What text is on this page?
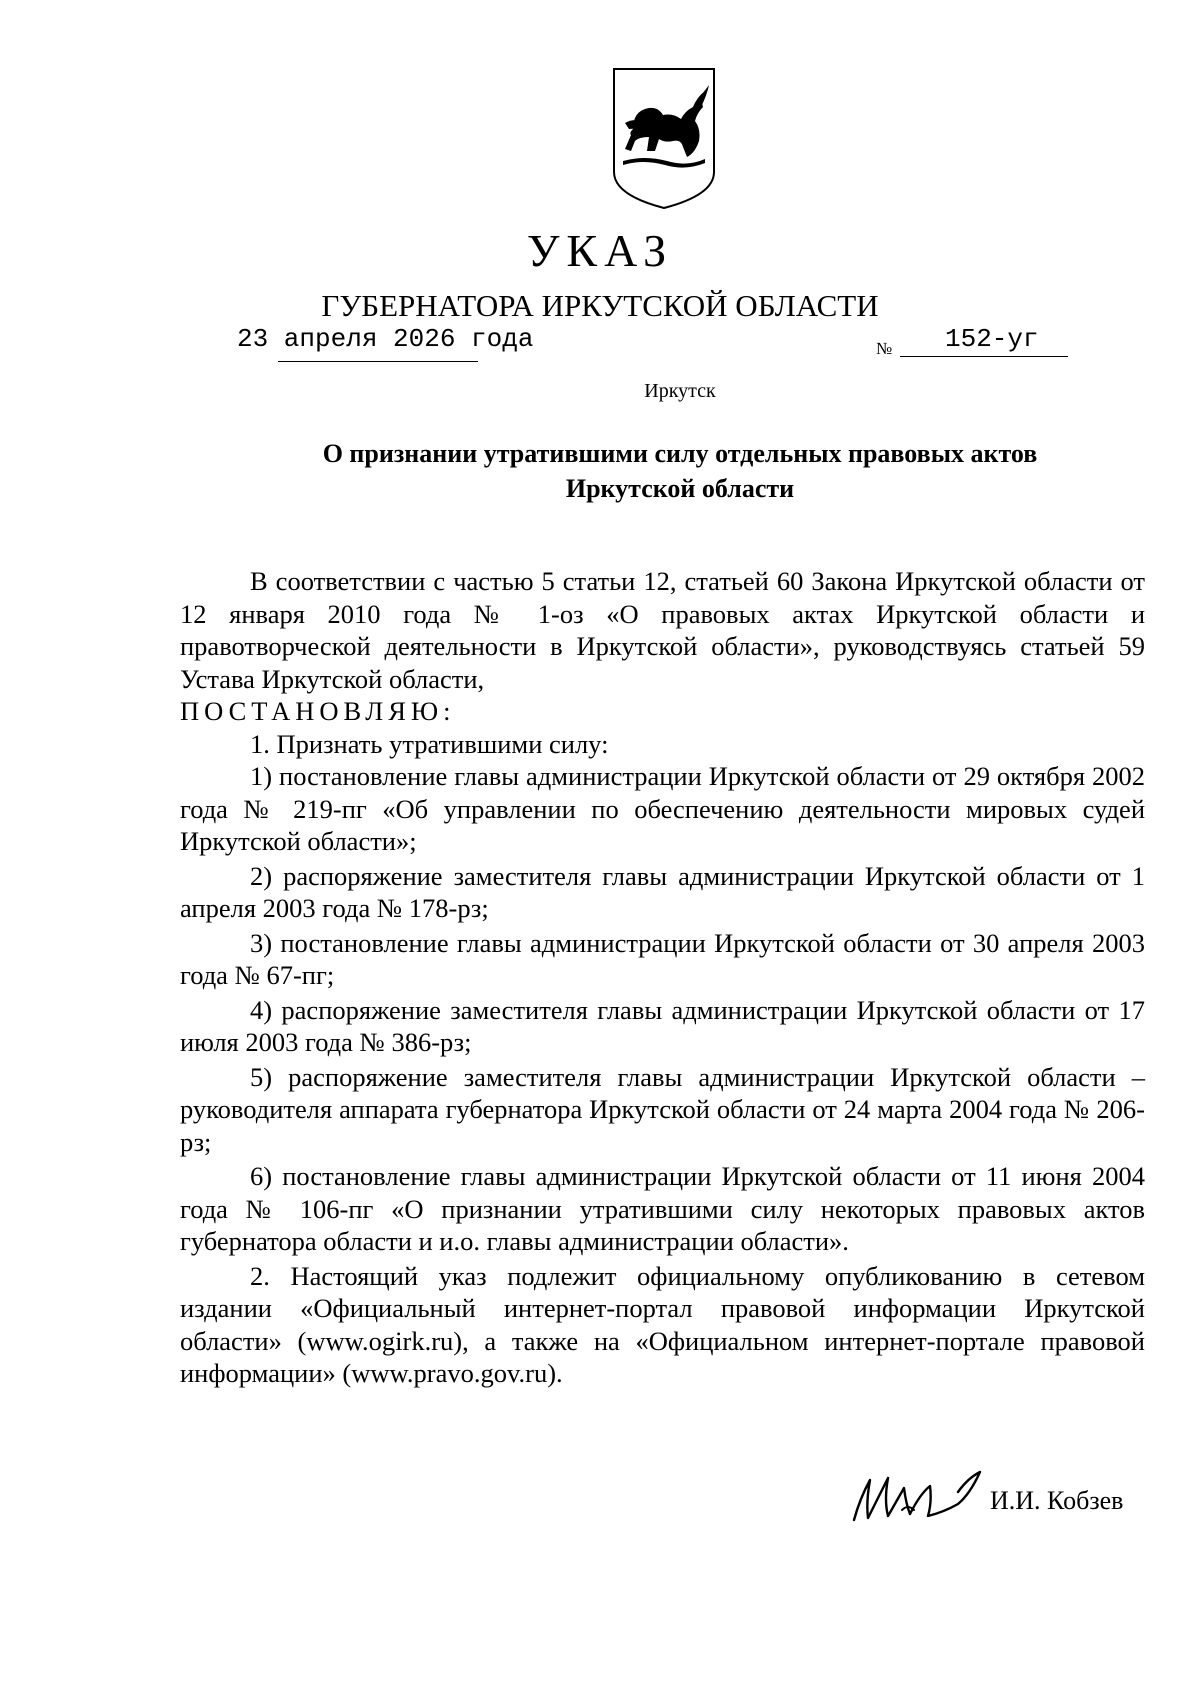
УКАЗ
ГУБЕРНАТОРА ИРКУТСКОЙ ОБЛАСТИ
23 апреля 2026 года	№ 152-уг
Иркутск
О признании утратившими силу отдельных правовых актов
Иркутской области

В соответствии с частью 5 статьи 12, статьей 60 Закона Иркутской области от 12 января 2010 года № 1-оз «О правовых актах Иркутской области и правотворческой деятельности в Иркутской области», руководствуясь статьей 59 Устава Иркутской области,

ПОСТАНОВЛЯЮ:

1. Признать утратившими силу:

1) постановление главы администрации Иркутской области от 29 октября 2002 года № 219-пг «Об управлении по обеспечению деятельности мировых судей Иркутской области»;

2) распоряжение заместителя главы администрации Иркутской области от 1 апреля 2003 года № 178-рз;

3) постановление главы администрации Иркутской области от 30 апреля 2003 года № 67-пг;

4) распоряжение заместителя главы администрации Иркутской области от 17 июля 2003 года № 386-рз;

5) распоряжение заместителя главы администрации Иркутской области – руководителя аппарата губернатора Иркутской области от 24 марта 2004 года № 206-рз;

6) постановление главы администрации Иркутской области от 11 июня 2004 года № 106-пг «О признании утратившими силу некоторых правовых актов губернатора области и и.о. главы администрации области».

2. Настоящий указ подлежит официальному опубликованию в сетевом издании «Официальный интернет-портал правовой информации Иркутской области» (www.ogirk.ru), а также на «Официальном интернет-портале правовой информации» (www.pravo.gov.ru).

И.И. Кобзев
